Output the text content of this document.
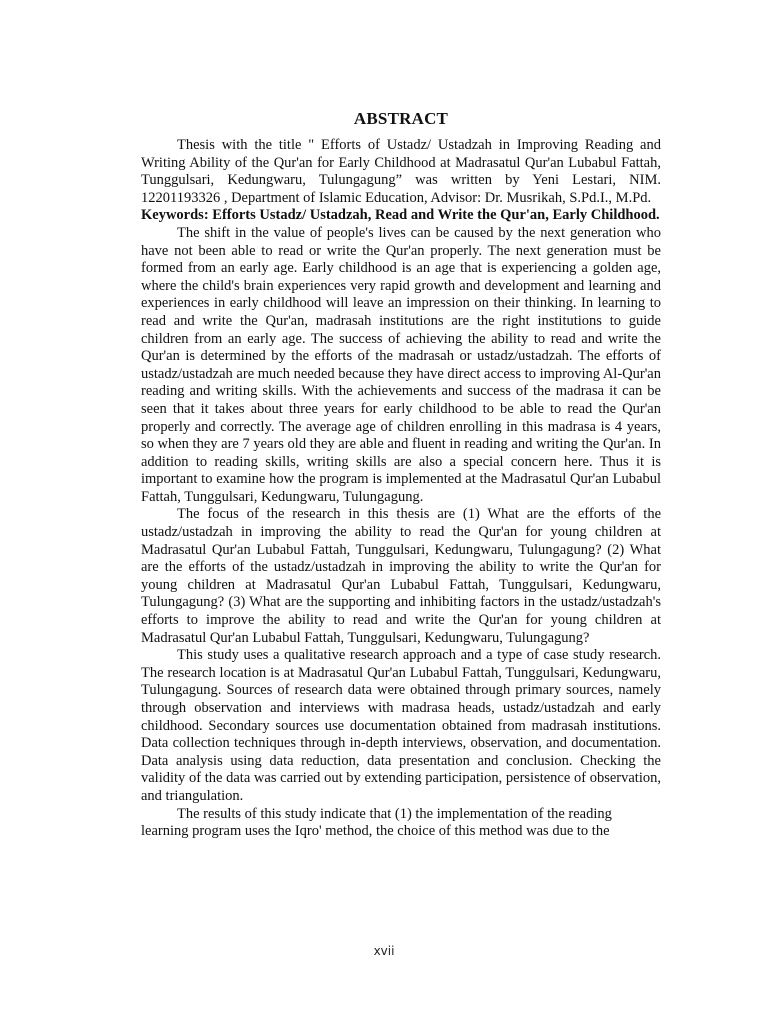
ABSTRACT

Thesis with the title " Efforts of Ustadz/ Ustadzah in Improving Reading and Writing Ability of the Qur'an for Early Childhood at Madrasatul Qur'an Lubabul Fattah, Tunggulsari, Kedungwaru, Tulungagung” was written by Yeni Lestari, NIM. 12201193326 , Department of Islamic Education, Advisor: Dr. Musrikah, S.Pd.I., M.Pd.

Keywords: Efforts Ustadz/ Ustadzah, Read and Write the Qur'an, Early Childhood.

The shift in the value of people's lives can be caused by the next generation who have not been able to read or write the Qur'an properly. The next generation must be formed from an early age. Early childhood is an age that is experiencing a golden age, where the child's brain experiences very rapid growth and development and learning and experiences in early childhood will leave an impression on their thinking. In learning to read and write the Qur'an, madrasah institutions are the right institutions to guide children from an early age. The success of achieving the ability to read and write the Qur'an is determined by the efforts of the madrasah or ustadz/ustadzah. The efforts of ustadz/ustadzah are much needed because they have direct access to improving Al-Qur'an reading and writing skills. With the achievements and success of the madrasa it can be seen that it takes about three years for early childhood to be able to read the Qur'an properly and correctly. The average age of children enrolling in this madrasa is 4 years, so when they are 7 years old they are able and fluent in reading and writing the Qur'an. In addition to reading skills, writing skills are also a special concern here. Thus it is important to examine how the program is implemented at the Madrasatul Qur'an Lubabul Fattah, Tunggulsari, Kedungwaru, Tulungagung.

The focus of the research in this thesis are (1) What are the efforts of the ustadz/ustadzah in improving the ability to read the Qur'an for young children at Madrasatul Qur'an Lubabul Fattah, Tunggulsari, Kedungwaru, Tulungagung? (2) What are the efforts of the ustadz/ustadzah in improving the ability to write the Qur'an for young children at Madrasatul Qur'an Lubabul Fattah, Tunggulsari, Kedungwaru, Tulungagung? (3) What are the supporting and inhibiting factors in the ustadz/ustadzah's efforts to improve the ability to read and write the Qur'an for young children at Madrasatul Qur'an Lubabul Fattah, Tunggulsari, Kedungwaru, Tulungagung?

This study uses a qualitative research approach and a type of case study research. The research location is at Madrasatul Qur'an Lubabul Fattah, Tunggulsari, Kedungwaru, Tulungagung. Sources of research data were obtained through primary sources, namely through observation and interviews with madrasa heads, ustadz/ustadzah and early childhood. Secondary sources use documentation obtained from madrasah institutions. Data collection techniques through in-depth interviews, observation, and documentation. Data analysis using data reduction, data presentation and conclusion. Checking the validity of the data was carried out by extending participation, persistence of observation, and triangulation.

The results of this study indicate that (1) the implementation of the reading learning program uses the Iqro' method, the choice of this method was due to the

xvii
